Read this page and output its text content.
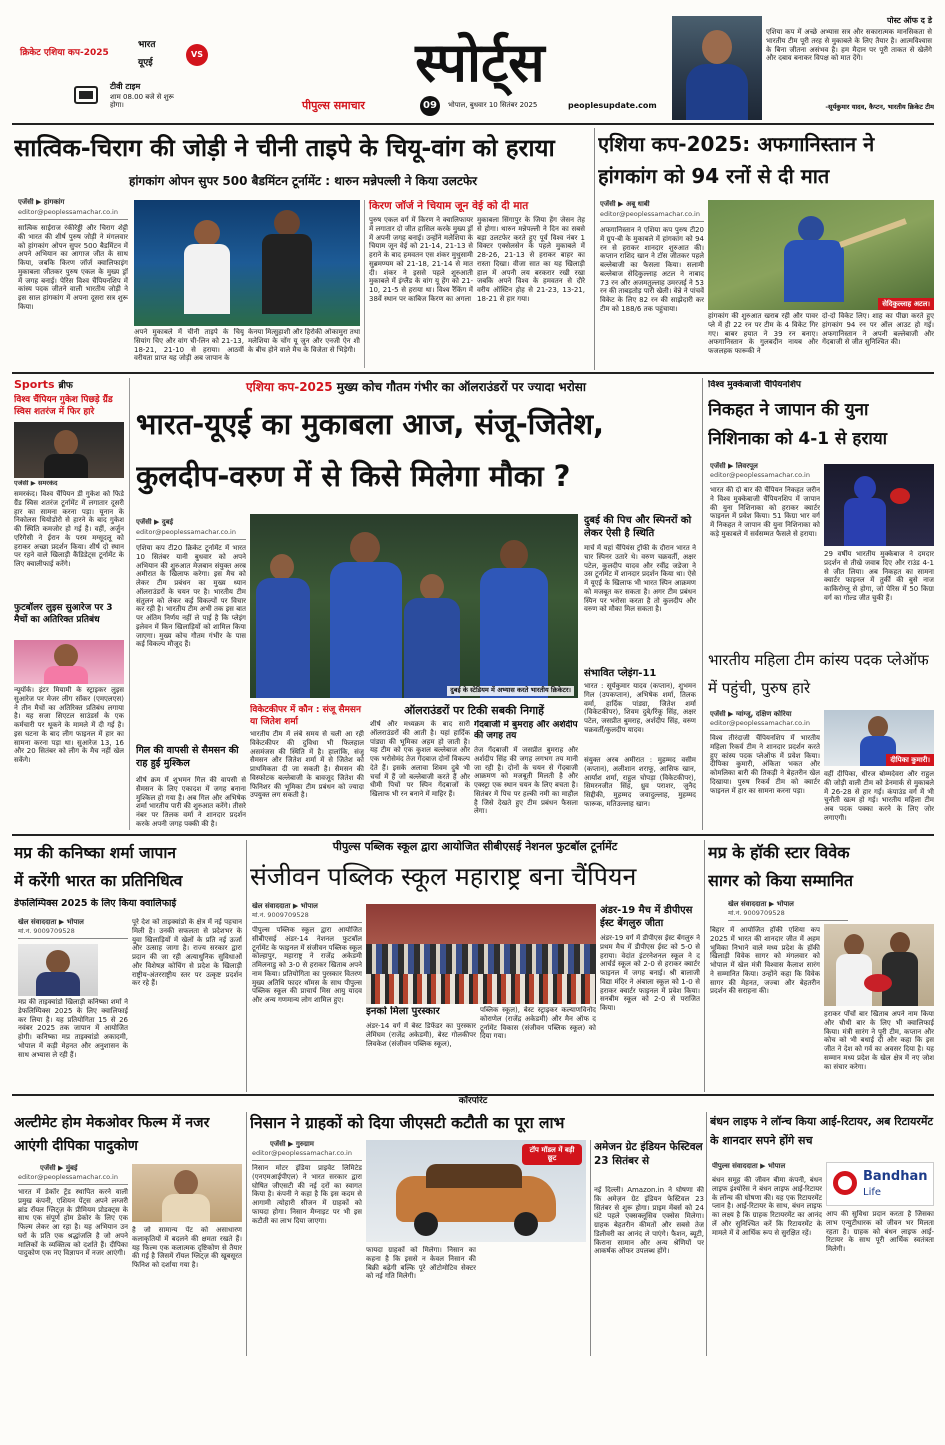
क्रिकेट एशिया कप-2025
भारत
यूएई
VS
टीवी टाइम
शाम 08.00 बजे से शुरू होगा।
स्पोर्ट्स
पीपुल्स समाचार	09	भोपाल, बुधवार 10 सितंबर 2025	peoplesupdate.com
पोस्ट ऑफ द डे
एशिया कप में अच्छे अभ्यास सत्र और सकारात्मक मानसिकता से भारतीय टीम पूरी तरह से मुकाबले के लिए तैयार है। आत्मविश्वास के बिना जीतना असंभव है। हम मैदान पर पूरी ताकत से खेलेंगे और दबाव बनाकर विपक्ष को मात देंगे।
-सूर्यकुमार यादव, कैप्टन, भारतीय क्रिकेट टीम
सात्विक-चिराग की जोड़ी ने चीनी ताइपे के चियू-वांग को हराया
हांगकांग ओपन सुपर 500 बैडमिंटन टूर्नामेंट : थारुन मन्नेपल्ली ने किया उलटफेर
एजेंसी ▶ हांगकांग
editor@peoplessamachar.co.in
सात्विक साईराज रंकीरेड्डी और चिराग शेट्टी की भारत की शीर्ष पुरुष जोड़ी ने मंगलवार को हांगकांग ओपन सुपर 500 बैडमिंटन में अपने अभियान का आगाज जीत के साथ किया, जबकि किरण जॉर्ज क्वालिफाइंग मुकाबला जीतकर पुरुष एकल के मुख्य ड्रॉ में जगह बनाई। पेरिस विश्व चैंपियनशिप में कांस्य पदक जीतने वाली भारतीय जोड़ी ने इस साल हांगकांग में अपना दूसरा सत्र शुरू किया।
अपने मुकाबले में चीनी ताइपे के चियू सियांग चिए और वांग ची-लिन को 21-13, 18-21, 21-10 से हराया। आठवीं वरीयता प्राप्त यह जोड़ी अब जापान के
केनया मित्सुहाशी और हिरोकी ओकामुरा तथा मलेशिया के चोंग यू जुन और एनजी ऐन शी के बीच होने वाले मैच के विजेता से भिड़ेगी।
किरण जॉर्ज ने चियाम जून वेई को दी मात
पुरुष एकल वर्ग में किरण ने क्वालिफायर में लगातार दो जीत हासिल करके मुख्य ड्रॉ में अपनी जगह बनाई। उन्होंने मलेशिया के चियाम जून वेई को 21-14, 21-13 से हराने के बाद हमवतन एस शंकर मुथुसामी सुब्रमण्यम को 21-18, 21-14 से मात दी। शंकर ने इससे पहले शुरुआती मुकाबले में इंग्लैंड के वांग यू हेंग को 21-10, 21-5 से हराया था। विश्व रैंकिंग में 38वें स्थान पर काबिज किरण का अगला
मुकाबला सिंगापुर के जिया हेंग जेसन तेह से होगा। थारुन मन्नेपल्ली ने दिन का सबसे बड़ा उलटफेर करते हुए पूर्व विश्व नंबर 1 विक्टर एक्सेलसेन के पहले मुकाबले में 28-26, 21-13 से हराकर बाहर का रास्ता दिखा। वीजा सात का यह खिलाड़ी हाल में अपनी लय बरकरार रखी रखा जबकि अपने विश्व के हमवतन से दौरे वरीय ऑस्टिन होह से 21-23, 13-21, 18-21 से हार गया।
एशिया कप-2025: अफगानिस्तान ने हांगकांग को 94 रनों से दी मात
एजेंसी ▶ अबू धाबी
editor@peoplessamachar.co.in
अफगानिस्तान ने एशिया कप पुरुष टी20 में ग्रुप-बी के मुकाबले में हांगकांग को 94 रन से हराकर शानदार शुरुआत की। कप्तान राशिद खान ने टॉस जीतकर पहले बल्लेबाजी का फैसला किया। सलामी बल्लेबाज सेदिकुल्लाह अटल ने नाबाद 73 रन और अजमतुल्लाह उमरजई ने 53 रन की ताबड़तोड़ पारी खेली। वेन्ने ने पांचवें विकेट के लिए 82 रन की साझेदारी कर टीम को 188/6 तक पहुंचाया।
सेदिकुल्लाह अटल।
हांगकांग की शुरुआत खराब रही और पावर प्ले में ही 22 रन पर टीम के 4 विकेट गिर गए। बाबर हयात ने 39 रन बनाए। अफगानिस्तान के गुलबदीन नायब और फजलहक फारूकी ने
दो-दो विकेट लिए। शाह का पीछा करते हुए हांगकांग 94 रन पर ऑल आउट हो गई। अफगानिस्तान ने अपनी बल्लेबाजी और गेंदबाजी से जीत सुनिश्चित की।
Sports ब्रीफ
विश्व चैंपियन गुकेश पिछड़े ग्रैंड स्विस शतरंज में फिर हारे
एजेंसी ▶ समरकंद
समरकंद। विश्व चैंपियन डी गुकेश को फिडे ग्रैंड स्विस शतरंज टूर्नामेंट में लगातार दूसरी हार का सामना करना पड़ा। यूनान के निकोलस थियोडोरो से हारने के बाद गुकेश की स्थिति कमजोर हो गई है। वहीं, अर्जुन एरिगैसी ने ईरान के परम मग्सूदलू को हराकर अच्छा प्रदर्शन किया। शीर्ष दो स्थान पर रहने वाले खिलाड़ी कैंडिडेट्स टूर्नामेंट के लिए क्वालीफाई करेंगे।
फुटबॉलर लुइस सुआरेज पर 3 मैचों का अतिरिक्त प्रतिबंध
न्यूयॉर्क। इंटर मियामी के स्ट्राइकर लुइस सुआरेज पर मेजर लीग सॉकर (एमएलएस) ने तीन मैचों का अतिरिक्त प्रतिबंध लगाया है। यह सजा सिएटल साउंडर्स के एक कर्मचारी पर थूकने के मामले में दी गई है। इस घटना के बाद लीग फाइनल में हार का सामना करना पड़ा था। सुआरेज 13, 16 और 20 सितंबर को लीग के मैच नहीं खेल सकेंगे।
एशिया कप-2025 मुख्य कोच गौतम गंभीर का ऑलराउंडरों पर ज्यादा भरोसा
भारत-यूएई का मुकाबला आज, संजू-जितेश,
कुलदीप-वरुण में से किसे मिलेगा मौका ?
एजेंसी ▶ दुबई
editor@peoplessamachar.co.in
एशिया कप टी20 क्रिकेट टूर्नामेंट में भारत 10 सितंबर यानी बुधवार को अपने अभियान की शुरुआत मेजबान संयुक्त अरब अमीरात के खिलाफ करेगा। इस मैच को लेकर टीम प्रबंधन का मुख्य ध्यान ऑलराउंडरों के चयन पर है। भारतीय टीम संतुलन को लेकर कई विकल्पों पर विचार कर रही है। भारतीय टीम अभी तक इस बात पर अंतिम निर्णय नहीं ले पाई है कि प्लेइंग इलेवन में किन खिलाड़ियों को शामिल किया जाएगा। मुख्य कोच गौतम गंभीर के पास कई विकल्प मौजूद हैं।
गिल की वापसी से सैमसन की राह हुई मुश्किल
शीर्ष क्रम में शुभमन गिल की वापसी से सैमसन के लिए एकादश में जगह बनाना मुश्किल हो गया है। अब गिल और अभिषेक शर्मा भारतीय पारी की शुरुआत करेंगे। तीसरे नंबर पर तिलक वर्मा ने शानदार प्रदर्शन करके अपनी जगह पक्की की है।
दुबई के स्टेडियम में अभ्यास करते भारतीय क्रिकेटर।
विकेटकीपर में कौन : संजू सैमसन या जितेश शर्मा
भारतीय टीम में लंबे समय से चली आ रही विकेटकीपर की दुविधा भी फिलहाल असमंजस की स्थिति में है। हालांकि, संजू सैमसन और जितेश शर्मा में से जितेश को प्राथमिकता दी जा सकती है। सैमसन की विस्फोटक बल्लेबाजी के बावजूद जितेश की फिनिशर की भूमिका टीम प्रबंधन को ज्यादा उपयुक्त लग सकती है।
ऑलराउंडरों पर टिकी सबकी निगाहें
शीर्ष और मध्यक्रम के बाद सारी ऑलराउंडरों की आती है। यहां हार्दिक पांड्या की भूमिका अहम हो जाती है। यह टीम को एक कुशल बल्लेबाज और एक भरोसेमंद तेज गेंदबाज दोनों विकल्प देते हैं। इसके अलावा शिवम दुबे भी चर्चा में हैं जो बल्लेबाजी करते हैं और धीमी पिचों पर स्पिन गेंदबाजों के खिलाफ भी रन बनाने में माहिर हैं।
गेंदबाजी में बुमराह और अर्शदीप की जगह तय
तेज गेंदबाजी में जसप्रीत बुमराह और अर्शदीप सिंह की जगह लगभग तय मानी जा रही है। दोनों के चयन से गेंदबाजी आक्रमण को मजबूती मिलती है और एक्स्ट्रा एक स्थान चयन के लिए बचता है। सितंबर में पिच पर हल्की नमी का माहौल है जिसे देखते हुए टीम प्रबंधन फैसला लेगा।
दुबई की पिच और स्पिनरों को लेकर ऐसी है स्थिति
मार्च में यहां चैंपियंस ट्रॉफी के दौरान भारत ने चार स्पिनर उतारे थे। वरुण चक्रवर्ती, अक्षर पटेल, कुलदीप यादव और रवींद्र जडेजा ने उस टूर्नामेंट में शानदार प्रदर्शन किया था। ऐसे में यूएई के खिलाफ भी भारत स्पिन आक्रमण को मजबूत कर सकता है। अगर टीम प्रबंधन स्पिन पर भरोसा करता है तो कुलदीप और वरुण को मौका मिल सकता है।
संभावित प्लेइंग-11
भारत : सूर्यकुमार यादव (कप्तान), शुभमन गिल (उपकप्तान), अभिषेक शर्मा, तिलक वर्मा, हार्दिक पांड्या, जितेश शर्मा (विकेटकीपर), शिवम दुबे/रिंकू सिंह, अक्षर पटेल, जसप्रीत बुमराह, अर्शदीप सिंह, वरुण चक्रवर्ती/कुलदीप यादव।
संयुक्त अरब अमीरात : मुहम्मद वसीम (कप्तान), अलीशान शराफू, आसिफ खान, आर्यांश शर्मा, राहुल चोपड़ा (विकेटकीपर), सिमरनजीत सिंह, ध्रुव पराशर, जुनैद सिद्दीकी, मुहम्मद जवादुल्लाह, मुहम्मद फारूक, मतिउल्लाह खान।
विश्व मुक्केबाजी चैंपियनशिप
निकहत ने जापान की युना निशिनाका को 4-1 से हराया
एजेंसी ▶ लिवरपूल
editor@peoplessamachar.co.in
भारत की दो बार की चैंपियन निकहत जरीन ने विश्व मुक्केबाजी चैंपियनशिप में जापान की युना निशिनाका को हराकर क्वार्टर फाइनल में प्रवेश किया। 51 किग्रा भार वर्ग में निकहत ने जापान की युना निशिनाका को कड़े मुकाबले में सर्वसम्मत फैसले से हराया।
29 वर्षीय भारतीय मुक्केबाज ने दमदार प्रदर्शन से तीखे जवाब दिए और राउंड 4-1 से जीत लिया। अब निकहत का सामना क्वार्टर फाइनल में तुर्की की बुसे नाज काकिरोग्लू से होगा, जो पेरिस में 50 किग्रा वर्ग का गोल्ड जीत चुकी हैं।
भारतीय महिला टीम कांस्य पदक प्लेऑफ में पहुंची, पुरुष हारे
एजेंसी ▶ ग्वांग्जू, दक्षिण कोरिया
editor@peoplessamachar.co.in
विश्व तीरंदाजी चैंपियनशिप में भारतीय महिला रिकर्व टीम ने शानदार प्रदर्शन करते हुए कांस्य पदक प्लेऑफ में प्रवेश किया। दीपिका कुमारी, अंकिता भकत और कोमलिका बारी की तिकड़ी ने बेहतरीन खेल दिखाया। पुरुष रिकर्व टीम को क्वार्टर फाइनल में हार का सामना करना पड़ा।
दीपिका कुमारी।
वहीं दीपिका, धीरज बोम्मदेवरा और राहुल की जोड़ी वाली टीम को डेनमार्क से मुकाबले में 26-28 से हार गई। कंपाउंड वर्ग में भी चुनौती खत्म हो गई। भारतीय महिला टीम अब पदक पक्का करने के लिए जोर लगाएगी।
मप्र की कनिष्का शर्मा जापान
में करेंगी भारत का प्रतिनिधित्व
डेफलिम्पिक्स 2025 के लिए किया क्वालिफाई
खेल संवाददाता ▶ भोपाल
मो.नं. 9009709528
मप्र की ताइक्वांडो खिलाड़ी कनिष्का शर्मा ने डेफलिम्पिक्स 2025 के लिए क्वालिफाई कर लिया है। यह प्रतियोगिता 15 से 26 नवंबर 2025 तक जापान में आयोजित होगी। कनिष्का मप्र ताइक्वांडो अकादमी, भोपाल में कड़ी मेहनत और अनुशासन के साथ अभ्यास ले रही हैं।
पूरे देश को ताइक्वांडो के क्षेत्र में नई पहचान मिली है। उनकी सफलता से प्रदेशभर के युवा खिलाड़ियों में खेलों के प्रति नई ऊर्जा और उत्साह जागा है। राज्य सरकार द्वारा प्रदान की जा रही अत्याधुनिक सुविधाओं और विशेषज्ञ कोचिंग से प्रदेश के खिलाड़ी राष्ट्रीय-अंतरराष्ट्रीय स्तर पर उत्कृष्ट प्रदर्शन कर रहे हैं।
पीपुल्स पब्लिक स्कूल द्वारा आयोजित सीबीएसई नेशनल फुटबॉल टूर्नामेंट
संजीवन पब्लिक स्कूल महाराष्ट्र बना चैंपियन
खेल संवाददाता ▶ भोपाल
मो.नं. 9009709528
पीपुल्स पब्लिक स्कूल द्वारा आयोजित सीबीएसई अंडर-14 नेशनल फुटबॉल टूर्नामेंट के फाइनल में संजीवन पब्लिक स्कूल कोल्हापुर, महाराष्ट्र ने राजेंद्र अकेडमी तमिलनाडु को 3-0 से हराकर खिताब अपने नाम किया। प्रतियोगिता का पुरस्कार वितरण मुख्य अतिथि फादर थॉमस के साथ पीपुल्स पब्लिक स्कूल की प्राचार्य मिस आयु यादव और अन्य गणमान्य लोग शामिल हुए।
इनको मिला पुरस्कार
अंडर-14 वर्ग में बेस्ट डिफेंडर का पुरस्कार लेमिंघम (राजेंद्र अकेडमी), बेस्ट गोलकीपर लिवकेश (संजीवन पब्लिक स्कूल),
पब्लिक स्कूल), बेस्ट स्ट्राइकर कल्याणविनोद कोराणेल (राजेंद्र अकेडमी) और मैन ऑफ द टूर्नामेंट विकास (संजीवन पब्लिक स्कूल) को दिया गया।
अंडर-19 मैच में डीपीएस ईस्ट बेंगलुरु जीता
अंडर-19 वर्ग में डीपीएस ईस्ट बेंगलुरु ने प्रथम मैच में डीपीएस ईस्ट को 5-0 से हराया। वेदांत इंटरनेशनल स्कूल ने द आर्चर्ड स्कूल को 2-0 से हराकर क्वार्टर फाइनल में जगह बनाई। श्री बालाजी विद्या मंदिर ने अंबाला स्कूल को 1-0 से हराकर क्वार्टर फाइनल में प्रवेश किया। सनबीम स्कूल को 2-0 से पराजित किया।
मप्र के हॉकी स्टार विवेक
सागर को किया सम्मानित
खेल संवाददाता ▶ भोपाल
मो.नं. 9009709528
बिहार में आयोजित हॉकी एशिया कप 2025 में भारत की शानदार जीत में अहम भूमिका निभाने वाले मध्य प्रदेश के हॉकी खिलाड़ी विवेक सागर को मंगलवार को भोपाल में खेल मंत्री विश्वास कैलाश सारंग ने सम्मानित किया। उन्होंने कहा कि विवेक सागर की मेहनत, जज्बा और बेहतरीन प्रदर्शन की सराहना की।
हराकर पाँचों बार खिताब अपने नाम किया और चौथी बार के लिए भी क्वालिफाई किया। मंत्री सारंग ने पूरी टीम, कप्तान और कोच को भी बधाई दी और कहा कि इस जीत ने देश को गर्व का अवसर दिया है। यह सम्मान मध्य प्रदेश के खेल क्षेत्र में नए जोश का संचार करेगा।
कॉरपोरेट
अल्टीमेट होम मेकओवर फिल्म में नजर आएंगी दीपिका पादुकोण
एजेंसी ▶ मुंबई
editor@peoplessamachar.co.in
भारत में डेकॉर ट्रेंड स्थापित करने वाली प्रमुख कंपनी, एशियन पेंट्स अपने लग्जरी ब्रांड रॉयल ग्लिट्ज़ के प्रीमियम प्रोडक्ट्स के साथ एक संपूर्ण होम डेकोर के लिए एक फिल्म लेकर आ रहा है। यह अभियान उन घरों के प्रति एक श्रद्धांजलि है जो अपने मालिकों के व्यक्तित्व को दर्शाते हैं। दीपिका पादुकोण एक नए विज्ञापन में नजर आएंगी।
है जो सामान्य पेंट को असाधारण कलाकृतियों में बदलने की क्षमता रखते हैं। यह फिल्म एक कलात्मक दृष्टिकोण से तैयार की गई है जिसमें रॉयल ग्लिट्ज़ की खूबसूरत फिनिश को दर्शाया गया है।
निसान ने ग्राहकों को दिया जीएसटी कटौती का पूरा लाभ
एजेंसी ▶ गुरुग्राम
editor@peoplessamachar.co.in
निसान मोटर इंडिया प्राइवेट लिमिटेड (एनएमआईपीएल) ने भारत सरकार द्वारा घोषित जीएसटी की नई दरों का स्वागत किया है। कंपनी ने कहा है कि इस कदम से आगामी त्योहारी सीजन में ग्राहकों को फायदा होगा। निसान मैग्नाइट पर भी इस कटौती का लाभ दिया जाएगा।
टॉप मॉडल में बड़ी छूट
फायदा ग्राहकों को मिलेगा। निसान का कहना है कि इससे न केवल निसान की बिक्री बढ़ेगी बल्कि पूरे ऑटोमोटिव सेक्टर को नई गति मिलेगी।
अमेजन ग्रेट इंडियन फेस्टिवल 23 सितंबर से
नई दिल्ली। Amazon.in ने घोषणा की कि अमेज़न ग्रेट इंडियन फेस्टिवल 23 सितंबर से शुरू होगा। प्राइम मेंबर्स को 24 घंटे पहले एक्सक्लूसिव एक्सेस मिलेगा। ग्राहक बेहतरीन कीमतों और सबसे तेज डिलीवरी का आनंद ले पाएंगे। फैशन, ब्यूटी, किराना सामान और अन्य श्रेणियों पर आकर्षक ऑफर उपलब्ध होंगे।
बंधन लाइफ ने लॉन्च किया आई-रिटायर, अब रिटायरमेंट के शानदार सपने होंगे सच
पीपुल्स संवाददाता ▶ भोपाल
बंधन समूह की जीवन बीमा कंपनी, बंधन लाइफ इंश्योरेंस ने बंधन लाइफ आई-रिटायर के लॉन्च की घोषणा की। यह एक रिटायरमेंट प्लान है। आई-रिटायर के साथ, बंधन लाइफ का लक्ष्य है कि ग्राहक रिटायरमेंट का आनंद लें और सुनिश्चित करें कि रिटायरमेंट के मामले में वे आर्थिक रूप से सुरक्षित रहें।
Bandhan
Life
आप की सुविधा प्रदान करता है जिसका लाभ एन्युटीधारक को जीवन भर मिलता रहता है। ग्राहक को बंधन लाइफ आई-रिटायर के साथ पूरी आर्थिक स्वतंत्रता मिलेगी।
